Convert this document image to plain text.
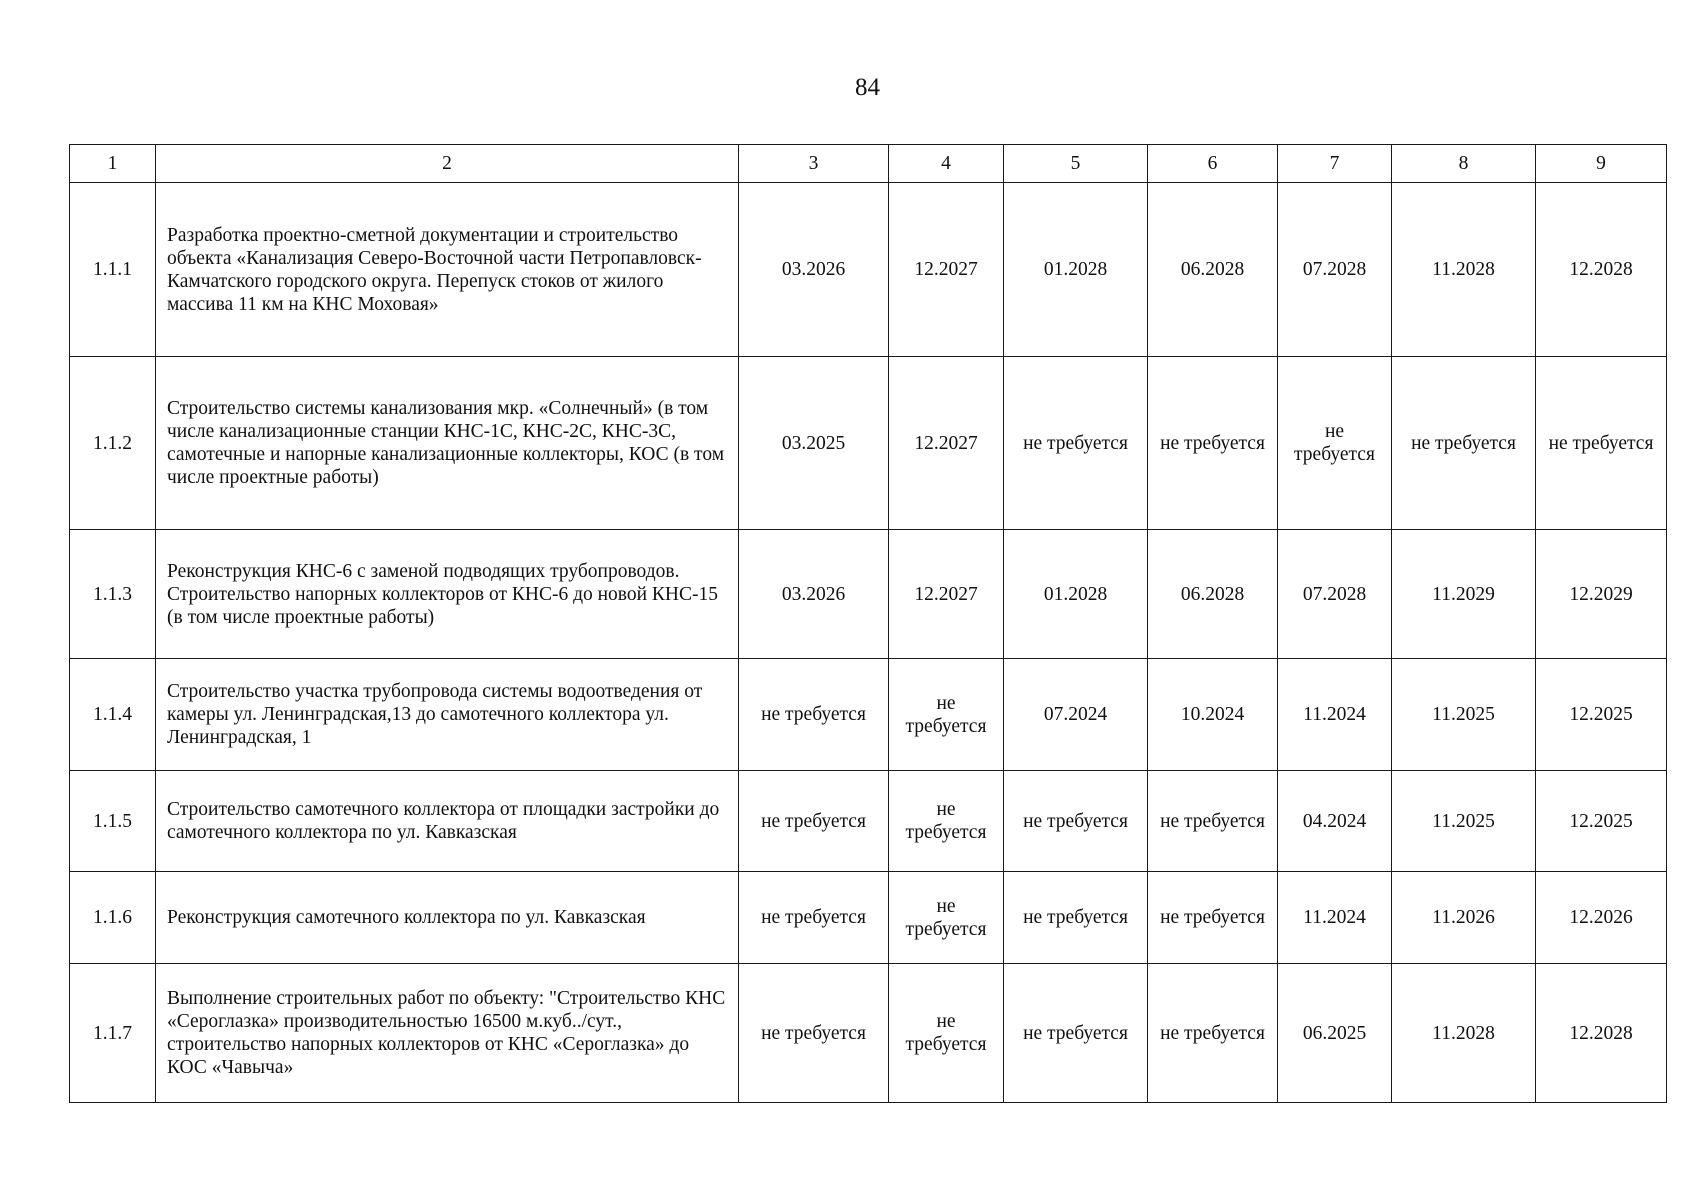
84
1	2	3	4	5	6	7	8	9
1.1.1	Разработка проектно-сметной документации и строительство объекта «Канализация Северо-Восточной части Петропавловск-Камчатского городского округа. Перепуск стоков от жилого массива 11 км на КНС Моховая»	03.2026	12.2027	01.2028	06.2028	07.2028	11.2028	12.2028
1.1.2	Строительство системы канализования мкр. «Солнечный» (в том числе канализационные станции КНС-1С, КНС-2С, КНС-3С, самотечные и напорные канализационные коллекторы, КОС (в том числе проектные работы)	03.2025	12.2027	не требуется	не требуется	не требуется	не требуется	не требуется
1.1.3	Реконструкция КНС-6 с заменой подводящих трубопроводов. Строительство напорных коллекторов от КНС-6 до новой КНС-15 (в том числе проектные работы)	03.2026	12.2027	01.2028	06.2028	07.2028	11.2029	12.2029
1.1.4	Строительство участка трубопровода системы водоотведения от камеры ул. Ленинградская,13 до самотечного коллектора ул. Ленинградская, 1	не требуется	не требуется	07.2024	10.2024	11.2024	11.2025	12.2025
1.1.5	Строительство самотечного коллектора от площадки застройки до самотечного коллектора по ул. Кавказская	не требуется	не требуется	не требуется	не требуется	04.2024	11.2025	12.2025
1.1.6	Реконструкция самотечного коллектора по ул. Кавказская	не требуется	не требуется	не требуется	не требуется	11.2024	11.2026	12.2026
1.1.7	Выполнение строительных работ по объекту: "Строительство КНС «Сероглазка» производительностью 16500 м.куб../сут., строительство напорных коллекторов от КНС «Сероглазка» до КОС «Чавыча»	не требуется	не требуется	не требуется	не требуется	06.2025	11.2028	12.2028
